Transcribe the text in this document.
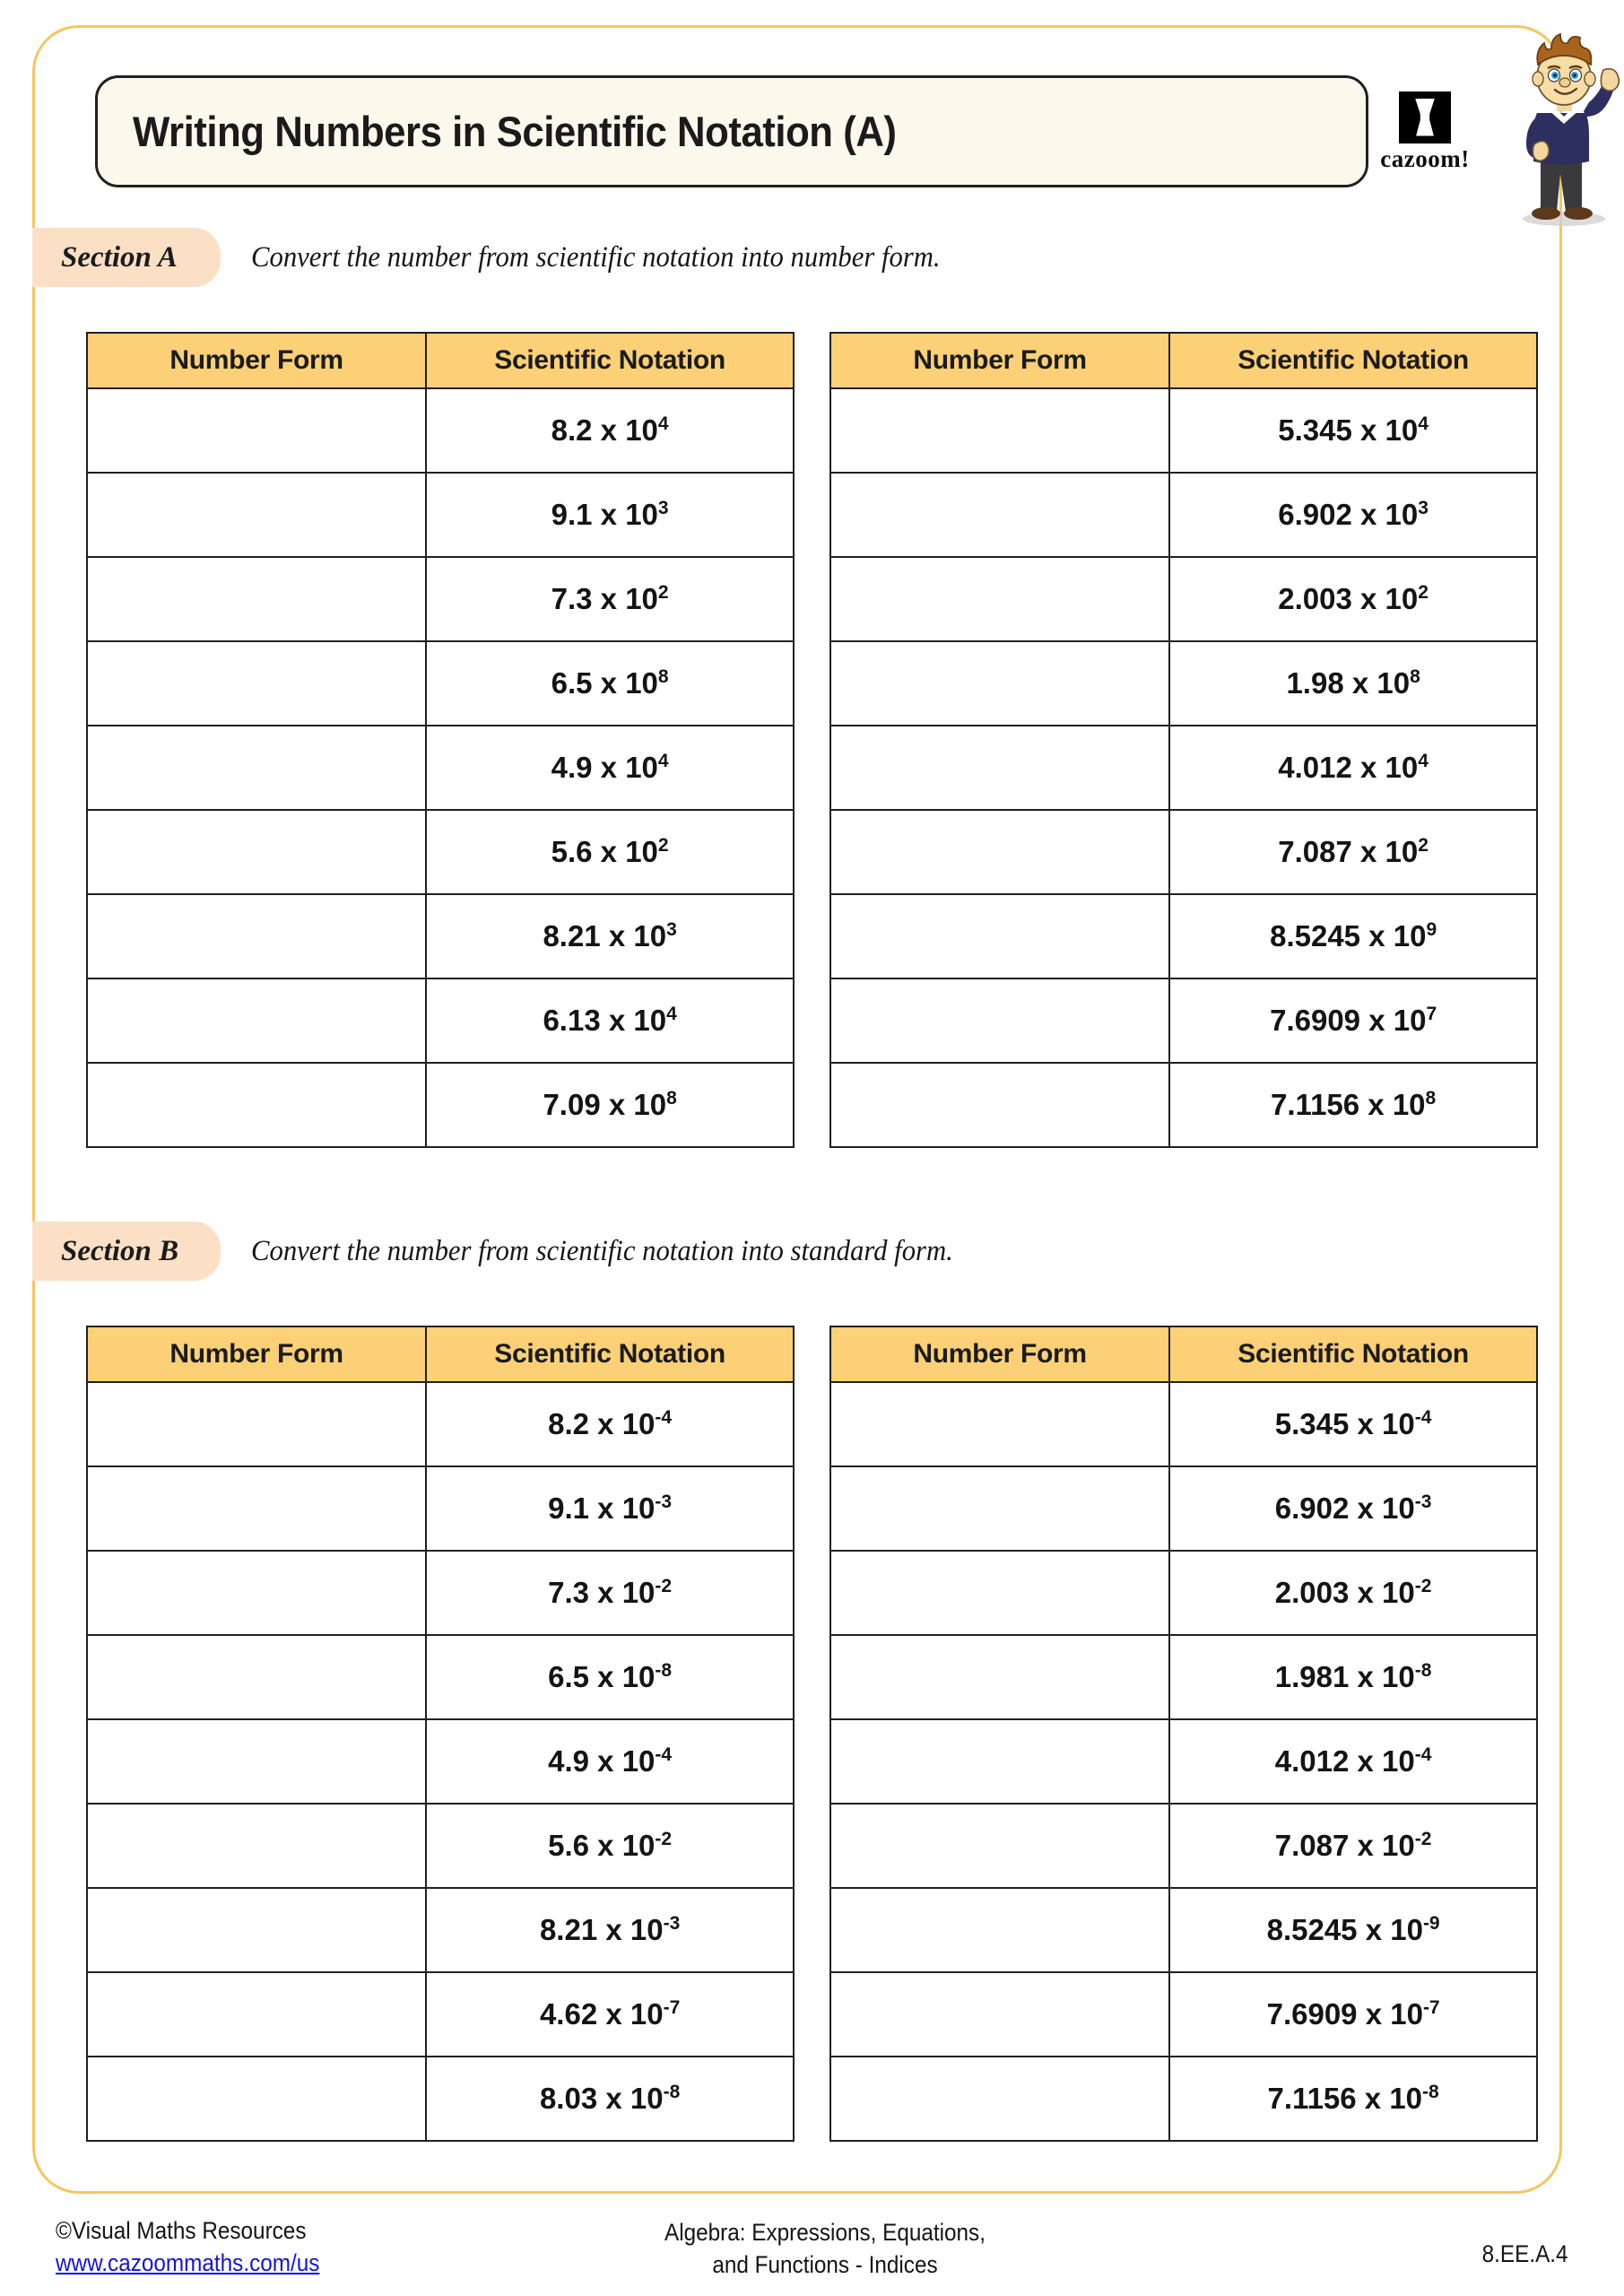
Writing Numbers in Scientific Notation (A)
cazoom!
Section A Convert the number from scientific notation into number form.
Number Form	Scientific Notation
	8.2 x $10^4$
	9.1 x $10^3$
	7.3 x $10^2$
	6.5 x $10^8$
	4.9 x $10^4$
	5.6 x $10^2$
	8.21 x $10^3$
	6.13 x $10^4$
	7.09 x $10^8$
Number Form	Scientific Notation
	5.345 x $10^4$
	6.902 x $10^3$
	2.003 x $10^2$
	1.98 x $10^8$
	4.012 x $10^4$
	7.087 x $10^2$
	8.5245 x $10^9$
	7.6909 x $10^7$
	7.1156 x $10^8$
Section B Convert the number from scientific notation into standard form.
Number Form	Scientific Notation
	8.2 x $10^{-4}$
	9.1 x $10^{-3}$
	7.3 x $10^{-2}$
	6.5 x $10^{-8}$
	4.9 x $10^{-4}$
	5.6 x $10^{-2}$
	8.21 x $10^{-3}$
	4.62 x $10^{-7}$
	8.03 x $10^{-8}$
Number Form	Scientific Notation
	5.345 x $10^{-4}$
	6.902 x $10^{-3}$
	2.003 x $10^{-2}$
	1.981 x $10^{-8}$
	4.012 x $10^{-4}$
	7.087 x $10^{-2}$
	8.5245 x $10^{-9}$
	7.6909 x $10^{-7}$
	7.1156 x $10^{-8}$
©Visual Maths Resources
www.cazoommaths.com/us
Algebra: Expressions, Equations,
and Functions - Indices	8.EE.A.4
